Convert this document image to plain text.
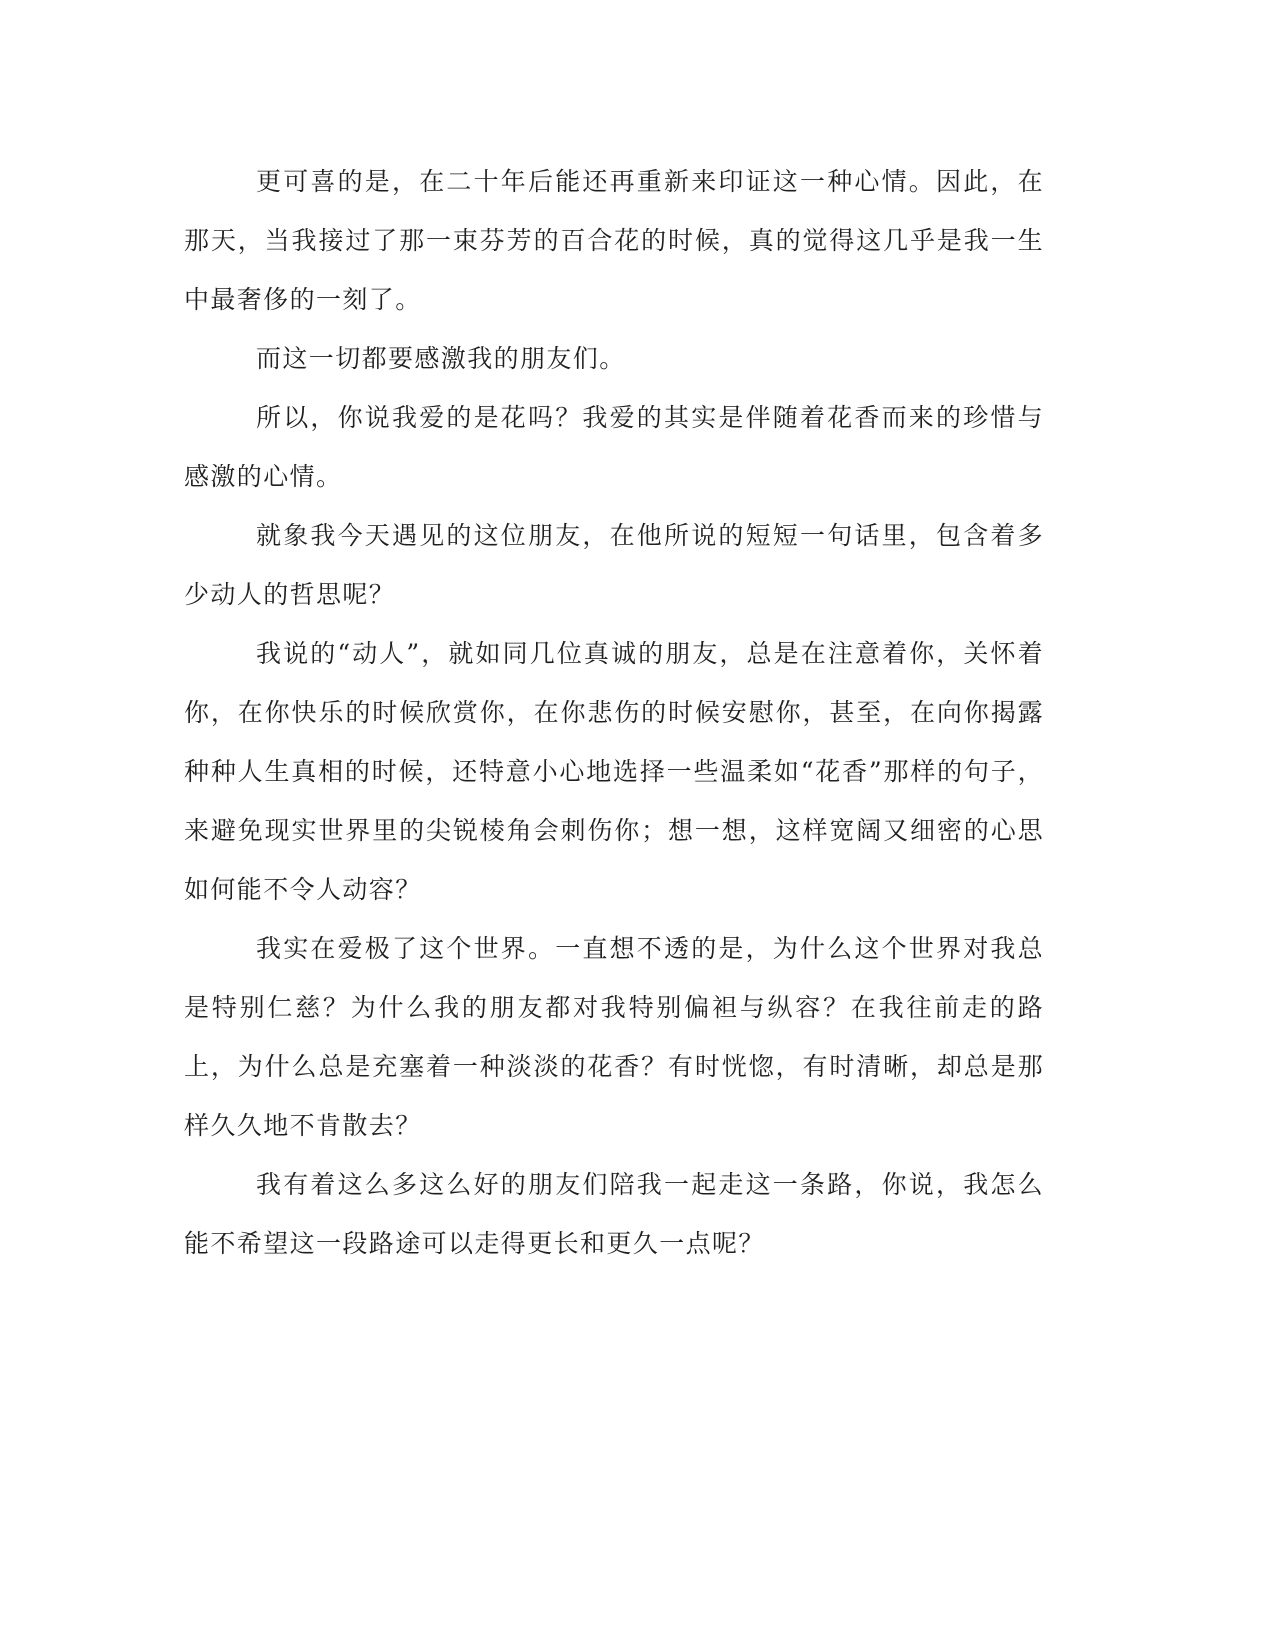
更可喜的是，在二十年后能还再重新来印证这一种心情。因此，在那天，当我接过了那一束芬芳的百合花的时候，真的觉得这几乎是我一生中最奢侈的一刻了。

而这一切都要感激我的朋友们。

所以，你说我爱的是花吗？我爱的其实是伴随着花香而来的珍惜与感激的心情。

就象我今天遇见的这位朋友，在他所说的短短一句话里，包含着多少动人的哲思呢？

我说的“动人”，就如同几位真诚的朋友，总是在注意着你，关怀着你，在你快乐的时候欣赏你，在你悲伤的时候安慰你，甚至，在向你揭露种种人生真相的时候，还特意小心地选择一些温柔如“花香”那样的句子，来避免现实世界里的尖锐棱角会刺伤你；想一想，这样宽阔又细密的心思如何能不令人动容？

我实在爱极了这个世界。一直想不透的是，为什么这个世界对我总是特别仁慈？为什么我的朋友都对我特别偏袒与纵容？在我往前走的路上，为什么总是充塞着一种淡淡的花香？有时恍惚，有时清晰，却总是那样久久地不肯散去？

我有着这么多这么好的朋友们陪我一起走这一条路，你说，我怎么能不希望这一段路途可以走得更长和更久一点呢？
